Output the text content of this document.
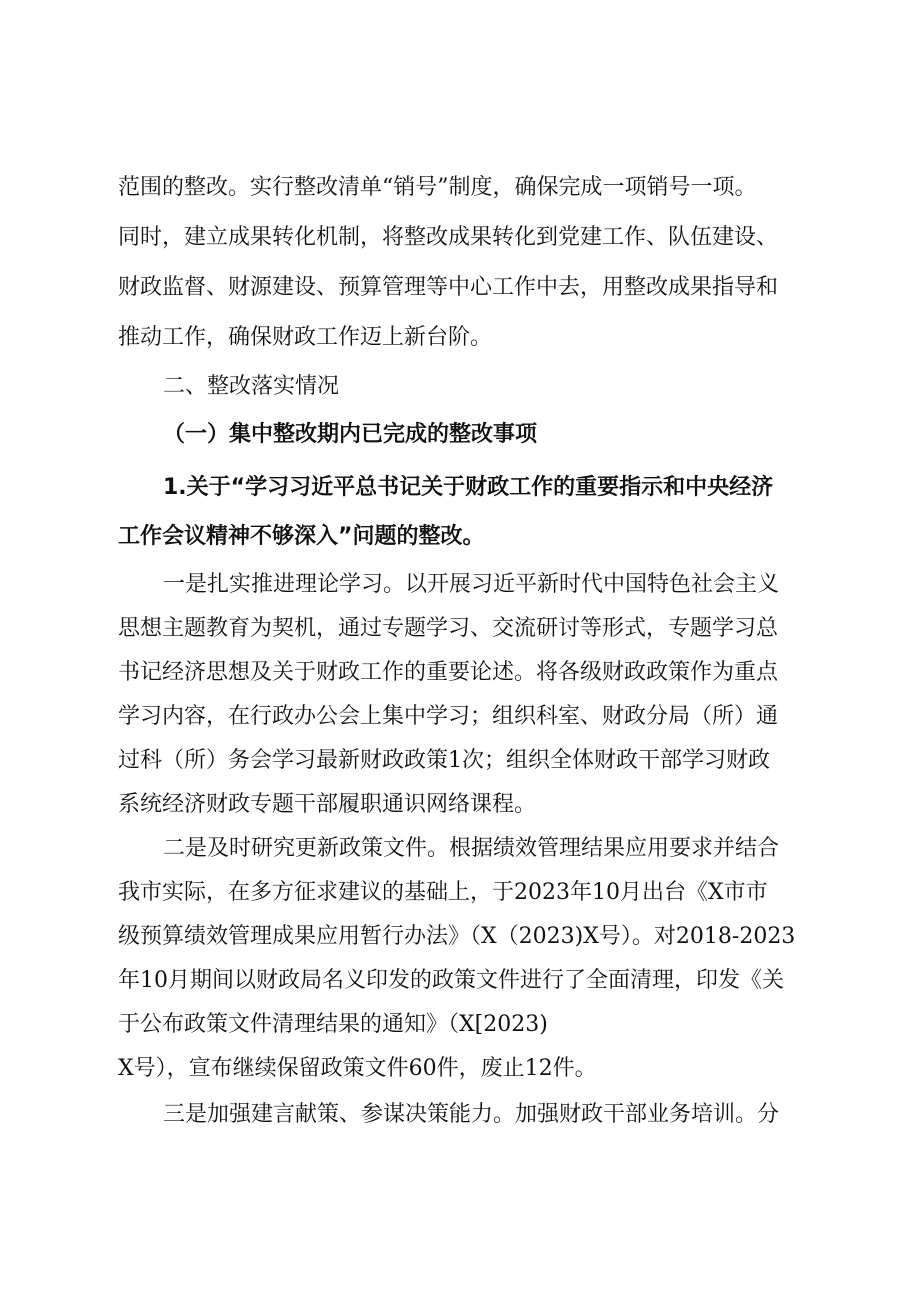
范围的整改。实行整改清单“销号”制度，确保完成一项销号一项。
同时，建立成果转化机制，将整改成果转化到党建工作、队伍建设、
财政监督、财源建设、预算管理等中心工作中去，用整改成果指导和
推动工作，确保财政工作迈上新台阶。
二、整改落实情况
（一）集中整改期内已完成的整改事项
1.关于“学习习近平总书记关于财政工作的重要指示和中央经济
工作会议精神不够深入”问题的整改。
一是扎实推进理论学习。以开展习近平新时代中国特色社会主义
思想主题教育为契机，通过专题学习、交流研讨等形式，专题学习总
书记经济思想及关于财政工作的重要论述。将各级财政政策作为重点
学习内容，在行政办公会上集中学习；组织科室、财政分局（所）通
过科（所）务会学习最新财政政策1次；组织全体财政干部学习财政
系统经济财政专题干部履职通识网络课程。
二是及时研究更新政策文件。根据绩效管理结果应用要求并结合
我市实际，在多方征求建议的基础上，于2023年10月出台《X市市
级预算绩效管理成果应用暂行办法》（X（2023)X号）。对2018-2023
年10月期间以财政局名义印发的政策文件进行了全面清理，印发《关
于公布政策文件清理结果的通知》（X[2023)
X号），宣布继续保留政策文件60件，废止12件。
三是加强建言献策、参谋决策能力。加强财政干部业务培训。分
